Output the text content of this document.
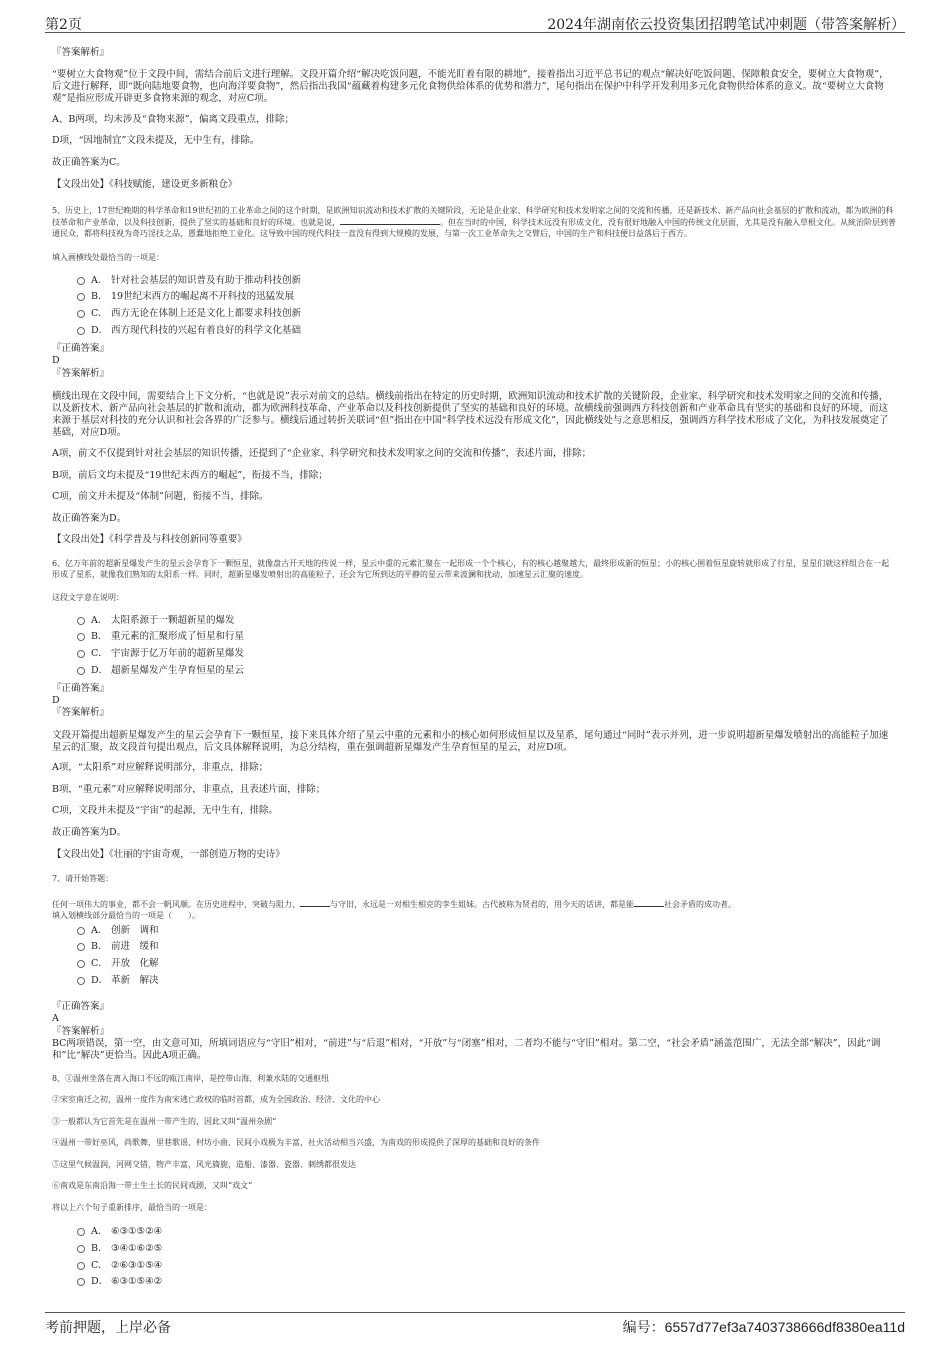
第2页	2024年湖南依云投资集团招聘笔试冲刺题（带答案解析）

『答案解析』

“要树立大食物观”位于文段中间，需结合前后文进行理解。文段开篇介绍“解决吃饭问题，不能光盯着有限的耕地”，接着指出习近平总书记的观点“解决好吃饭问题、保障粮食安全，要树立大食物观”，后文进行解释，即“既向陆地要食物，也向海洋要食物”，然后指出我国“蕴藏着构建多元化食物供给体系的优势和潜力”，尾句指出在保护中科学开发利用多元化食物供给体系的意义。故“要树立大食物观”是指应形成开辟更多食物来源的观念，对应C项。

A、B两项，均未涉及“食物来源”，偏离文段重点，排除；

D项，“因地制宜”文段未提及，无中生有，排除。

故正确答案为C。

【文段出处】《科技赋能，建设更多新粮仓》

5、历史上，17世纪晚期的科学革命和19世纪初的工业革命之间的这个时期，是欧洲知识流动和技术扩散的关键阶段，无论是企业家、科学研究和技术发明家之间的交流和传播，还是新技术、新产品向社会基层的扩散和流动，都为欧洲的科技革命和产业革命，以及科技创新，提供了坚实的基础和良好的环境。也就是说，	。但在当时的中国，科学技术远没有形成文化，没有很好地融入中国的传统文化层面，尤其是没有融入草根文化。从統治阶层到普通民众，都将科技视为奇巧淫技之品，愚蠢地拒绝工业化。这导致中国的现代科技一直没有得到大规模的发展，与第一次工业革命失之交臂后，中国的生产和科技便日益落后于西方。

填入画横线处最恰当的一项是：

A． 针对社会基层的知识普及有助于推动科技创新
B． 19世纪末西方的崛起离不开科技的迅猛发展
C． 西方无论在体制上还是文化上都要求科技创新
D． 西方现代科技的兴起有着良好的科学文化基础

『正确答案』

D

『答案解析』

横线出现在文段中间，需要结合上下文分析，“也就是说”表示对前文的总结。横线前指出在特定的历史时期，欧洲知识流动和技术扩散的关键阶段，企业家、科学研究和技术发明家之间的交流和传播，以及新技术、新产品向社会基层的扩散和流动，都为欧洲科技革命、产业革命以及科技创新提供了坚实的基础和良好的环境。故横线前强调西方科技创新和产业革命具有坚实的基础和良好的环境，而这来源于基层对科技的充分认识和社会各界的广泛参与。横线后通过转折关联词“但”指出在中国“科学技术远没有形成文化”，因此横线处与之意思相反，强调西方科学技术形成了文化，为科技发展奠定了基础，对应D项。

A项，前文不仅提到针对社会基层的知识传播，还提到了“企业家、科学研究和技术发明家之间的交流和传播”，表述片面，排除；

B项，前后文均未提及“19世纪末西方的崛起”，衔接不当，排除；

C项，前文并未提及“体制”问题，衔接不当，排除。

故正确答案为D。

【文段出处】《科学普及与科技创新同等重要》

6、亿万年前的超新星爆发产生的星云会孕育下一颗恒星，就像盘古开天地的传说一样，星云中重的元素汇聚在一起形成一个个核心，有的核心越聚越大，最终形成新的恒星；小的核心围着恒星旋转就形成了行星，星星们就这样组合在一起形成了星系，就像我们熟知的太阳系一样。同时，超新星爆发喷射出的高能粒子，还会为它所到达的平静的星云带来波澜和扰动，加速星云汇聚的速度。

这段文字意在说明：

A． 太阳系源于一颗超新星的爆发
B． 重元素的汇聚形成了恒星和行星
C． 宇宙源于亿万年前的超新星爆发
D． 超新星爆发产生孕育恒星的星云

『正确答案』

D

『答案解析』

文段开篇提出超新星爆发产生的星云会孕育下一颗恒星，接下来具体介绍了星云中重的元素和小的核心如何形成恒星以及星系，尾句通过“同时”表示并列，进一步说明超新星爆发喷射出的高能粒子加速星云的汇聚，故文段首句提出观点，后文具体解释说明，为总分结构，重在强调超新星爆发产生孕育恒星的星云，对应D项。

A项，“太阳系”对应解释说明部分，非重点，排除；

B项，“重元素”对应解释说明部分，非重点，且表述片面，排除；

C项，文段并未提及“宇宙”的起源，无中生有，排除。

故正确答案为D。

【文段出处】《壮丽的宇宙奇观，一部创造万物的史诗》

7、请开始答题：

任何一项伟大的事业，都不会一帆风顺。在历史进程中，突破与阻力、	与守旧，永远是一对相生相克的孪生姐妹。古代被称为贤君的，用今天的话讲，都是能	社会矛盾的成功者。

填入划横线部分最恰当的一项是（　　）。

A． 创新　调和
B． 前进　缓和
C． 开放　化解
D． 革新　解决

『正确答案』

A

『答案解析』

BC两项错误，第一空，由文意可知，所填词语应与“守旧”相对，“前进”与“后退”相对，“开放”与“闭塞”相对，二者均不能与“守旧”相对。第二空，“社会矛盾”涵盖范围广，无法全部“解决”，因此“调和”比“解决”更恰当。因此A项正确。

8、①温州坐落在离入海口不远的瓯江南岸，是控带山海、利兼水陆的交通枢纽

②宋室南迁之初，温州一度作为南宋逃亡政权的临时首都，成为全国政治、经济、文化的中心

③一般都认为它首先是在温州一带产生的，因此又叫“温州杂剧”

④温州一带好巫风，尚歌舞，里巷歌谣、村坊小曲、民间小戏极为丰富，社火活动相当兴盛，为南戏的形成提供了深厚的基础和良好的条件

⑤这里气候温润，河网交错，物产丰富，风光旖旎，造船、漆器、瓷器、刺绣都很发达

⑥南戏是东南沿海一带土生土长的民间戏剧，又叫“戏文”

将以上六个句子重新排序，最恰当的一项是：

A． ⑥③①⑤②④
B． ③④①⑥②⑤
C． ②⑥③①⑤④
D． ⑥③①⑤④②
考前押题，上岸必备	编号：6557d77ef3a7403738666df8380ea11d
